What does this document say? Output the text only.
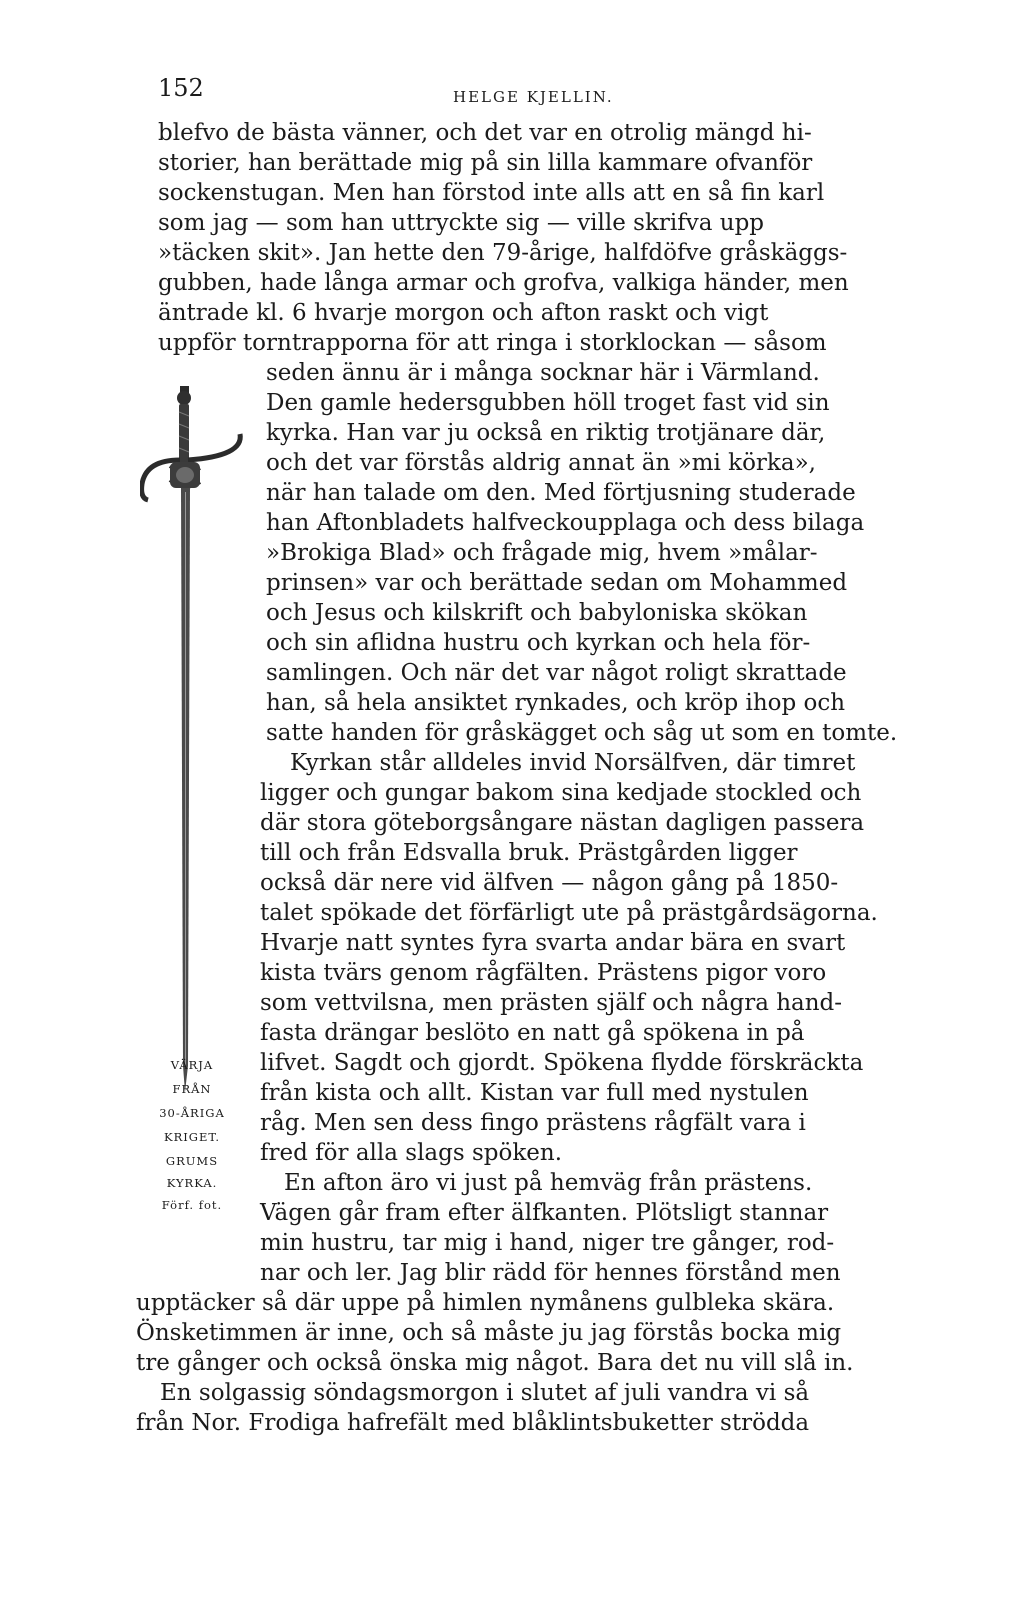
152	HELGE KJELLIN.

VÄRJA

FRÅN

30-ÅRIGA

KRIGET.

GRUMS

KYRKA.

Förf. fot.

blefvo de bästa vänner, och det var en otrolig mängd hi-

storier, han berättade mig på sin lilla kammare ofvanför

sockenstugan. Men han förstod inte alls att en så fin karl

som jag — som han uttryckte sig — ville skrifva upp

»täcken skit». Jan hette den 79-årige, halfdöfve gråskäggs-

gubben, hade långa armar och grofva, valkiga händer, men

äntrade kl. 6 hvarje morgon och afton raskt och vigt

uppför torntrapporna för att ringa i storklockan — såsom

seden ännu är i många socknar här i Värmland.

Den gamle hedersgubben höll troget fast vid sin

kyrka. Han var ju också en riktig trotjänare där,

och det var förstås aldrig annat än »mi körka»,

när han talade om den. Med förtjusning studerade

han Aftonbladets halfveckoupplaga och dess bilaga

»Brokiga Blad» och frågade mig, hvem »målar-

prinsen» var och berättade sedan om Mohammed

och Jesus och kilskrift och babyloniska skökan

och sin aflidna hustru och kyrkan och hela för-

samlingen. Och när det var något roligt skrattade

han, så hela ansiktet rynkades, och kröp ihop och

satte handen för gråskägget och såg ut som en tomte.

Kyrkan står alldeles invid Norsälfven, där timret

ligger och gungar bakom sina kedjade stockled och

där stora göteborgsångare nästan dagligen passera

till och från Edsvalla bruk. Prästgården ligger

också där nere vid älfven — någon gång på 1850-

talet spökade det förfärligt ute på prästgårdsägorna.

Hvarje natt syntes fyra svarta andar bära en svart

kista tvärs genom rågfälten. Prästens pigor voro

som vettvilsna, men prästen själf och några hand-

fasta drängar beslöto en natt gå spökena in på

lifvet. Sagdt och gjordt. Spökena flydde förskräckta

från kista och allt. Kistan var full med nystulen

råg. Men sen dess fingo prästens rågfält vara i

fred för alla slags spöken.

En afton äro vi just på hemväg från prästens.

Vägen går fram efter älfkanten. Plötsligt stannar

min hustru, tar mig i hand, niger tre gånger, rod-

nar och ler. Jag blir rädd för hennes förstånd men

upptäcker så där uppe på himlen nymånens gulbleka skära.

Önsketimmen är inne, och så måste ju jag förstås bocka mig

tre gånger och också önska mig något. Bara det nu vill slå in.

En solgassig söndagsmorgon i slutet af juli vandra vi så

från Nor. Frodiga hafrefält med blåklintsbuketter strödda
